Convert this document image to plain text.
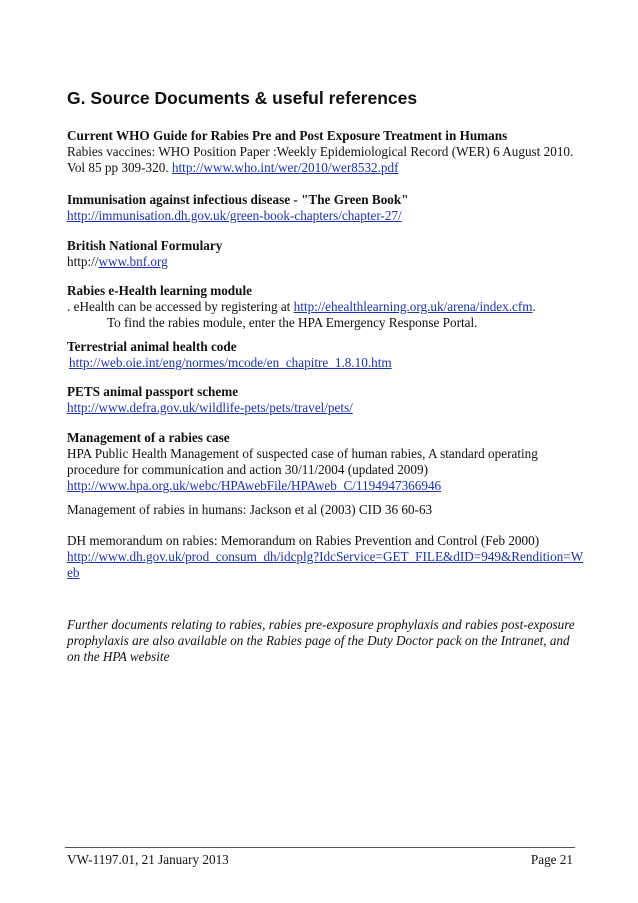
G. Source Documents & useful references
Current WHO Guide for Rabies Pre and Post Exposure Treatment in Humans
Rabies vaccines: WHO Position Paper :Weekly Epidemiological Record (WER) 6 August 2010.
Vol 85 pp 309-320. http://www.who.int/wer/2010/wer8532.pdf
Immunisation against infectious disease - "The Green Book"
http://immunisation.dh.gov.uk/green-book-chapters/chapter-27/
British National Formulary
http://www.bnf.org
Rabies e-Health learning module
. eHealth can be accessed by registering at http://ehealthlearning.org.uk/arena/index.cfm.
To find the rabies module, enter the HPA Emergency Response Portal.
Terrestrial animal health code
http://web.oie.int/eng/normes/mcode/en_chapitre_1.8.10.htm
PETS animal passport scheme
http://www.defra.gov.uk/wildlife-pets/pets/travel/pets/
Management of a rabies case
HPA Public Health Management of suspected case of human rabies, A standard operating
procedure for communication and action 30/11/2004 (updated 2009)
http://www.hpa.org.uk/webc/HPAwebFile/HPAweb_C/1194947366946
Management of rabies in humans: Jackson et al (2003) CID 36 60-63
DH memorandum on rabies: Memorandum on Rabies Prevention and Control (Feb 2000)
http://www.dh.gov.uk/prod_consum_dh/idcplg?IdcService=GET_FILE&dID=949&Rendition=W
eb
Further documents relating to rabies, rabies pre-exposure prophylaxis and rabies post-exposure
prophylaxis are also available on the Rabies page of the Duty Doctor pack on the Intranet, and
on the HPA website
VW-1197.01, 21 January 2013	Page 21
